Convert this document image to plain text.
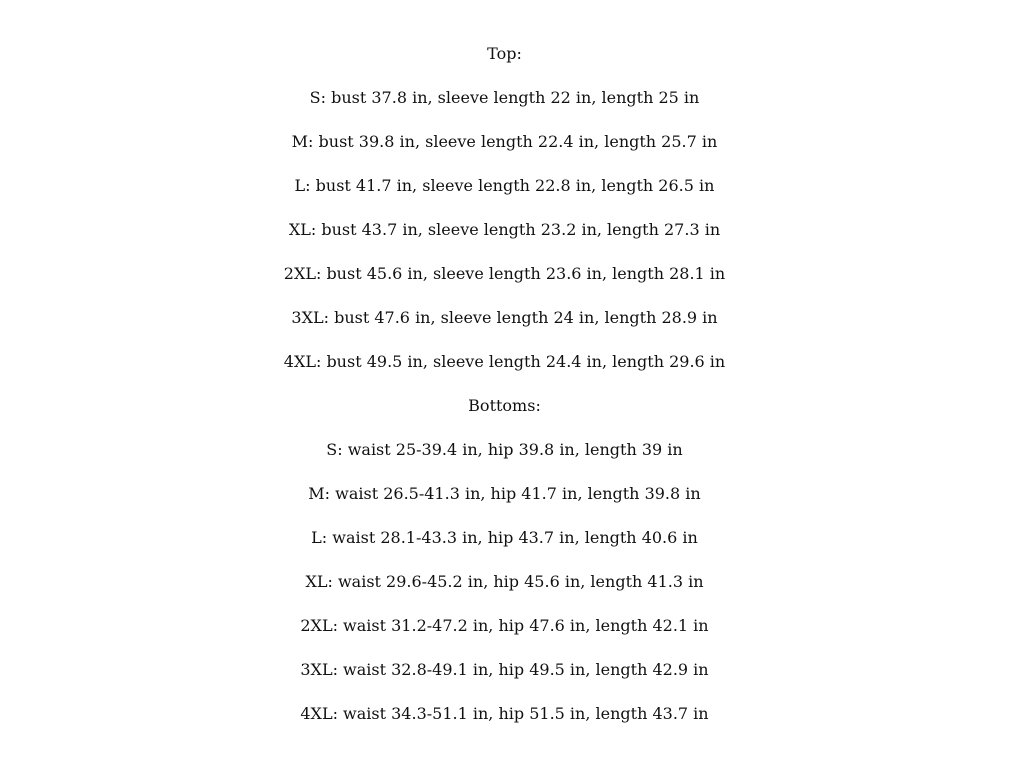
Top:
S: bust 37.8 in, sleeve length 22 in, length 25 in
M: bust 39.8 in, sleeve length 22.4 in, length 25.7 in
L: bust 41.7 in, sleeve length 22.8 in, length 26.5 in
XL: bust 43.7 in, sleeve length 23.2 in, length 27.3 in
2XL: bust 45.6 in, sleeve length 23.6 in, length 28.1 in
3XL: bust 47.6 in, sleeve length 24 in, length 28.9 in
4XL: bust 49.5 in, sleeve length 24.4 in, length 29.6 in
Bottoms:
S: waist 25-39.4 in, hip 39.8 in, length 39 in
M: waist 26.5-41.3 in, hip 41.7 in, length 39.8 in
L: waist 28.1-43.3 in, hip 43.7 in, length 40.6 in
XL: waist 29.6-45.2 in, hip 45.6 in, length 41.3 in
2XL: waist 31.2-47.2 in, hip 47.6 in, length 42.1 in
3XL: waist 32.8-49.1 in, hip 49.5 in, length 42.9 in
4XL: waist 34.3-51.1 in, hip 51.5 in, length 43.7 in
